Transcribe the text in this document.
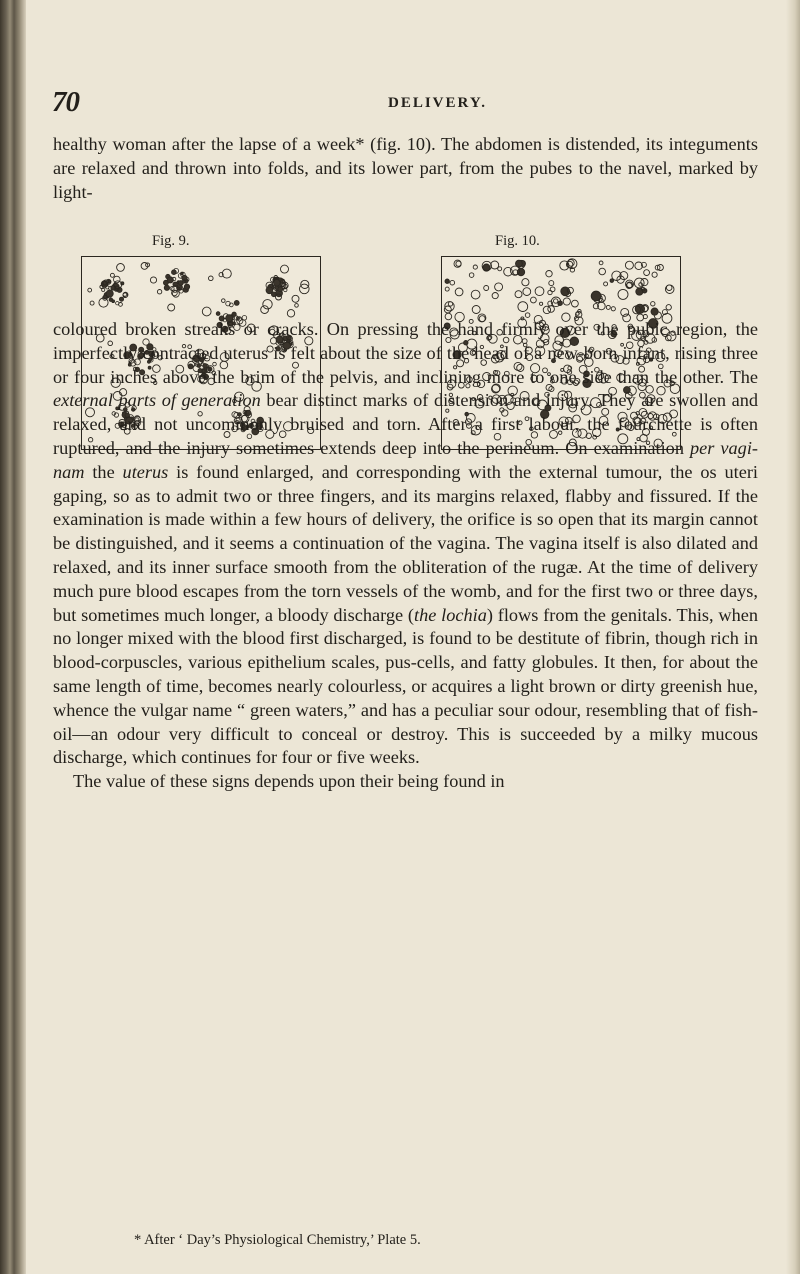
70	DELIVERY.

healthy woman after the lapse of a week* (fig. 10). The abdomen is distended, its integuments are relaxed and thrown into folds, and its lower part, from the pubes to the navel, marked by light-

Fig. 9.	Fig. 10.

coloured broken streaks or cracks. On pressing the hand firmly over the pubic region, the imperfectly contracted uterus is felt about the size of the head of a new-born infant, rising three or four inches above the brim of the pelvis, and inclining more to one side than the other. The external parts of generation bear distinct marks of distension and injury. They are swollen and relaxed, and not uncommonly bruised and torn. After a first labour, the fourchette is often ruptured, and the injury sometimes extends deep into the perineum. On examination per vaginam the uterus is found enlarged, and corresponding with the external tumour, the os uteri gaping, so as to admit two or three fingers, and its margins relaxed, flabby and fissured. If the examination is made within a few hours of delivery, the orifice is so open that its margin cannot be distinguished, and it seems a continuation of the vagina. The vagina itself is also dilated and relaxed, and its inner surface smooth from the obliteration of the rugæ. At the time of delivery much pure blood escapes from the torn vessels of the womb, and for the first two or three days, but sometimes much longer, a bloody discharge (the lochia) flows from the genitals. This, when no longer mixed with the blood first discharged, is found to be destitute of fibrin, though rich in blood-corpuscles, various epithelium scales, pus-cells, and fatty globules. It then, for about the same length of time, becomes nearly colourless, or acquires a light brown or dirty greenish hue, whence the vulgar name “ green waters,” and has a peculiar sour odour, resembling that of fish-oil—an odour very difficult to conceal or destroy. This is succeeded by a milky mucous discharge, which continues for four or five weeks.

The value of these signs depends upon their being found in

* After ‘ Day’s Physiological Chemistry,’ Plate 5.
